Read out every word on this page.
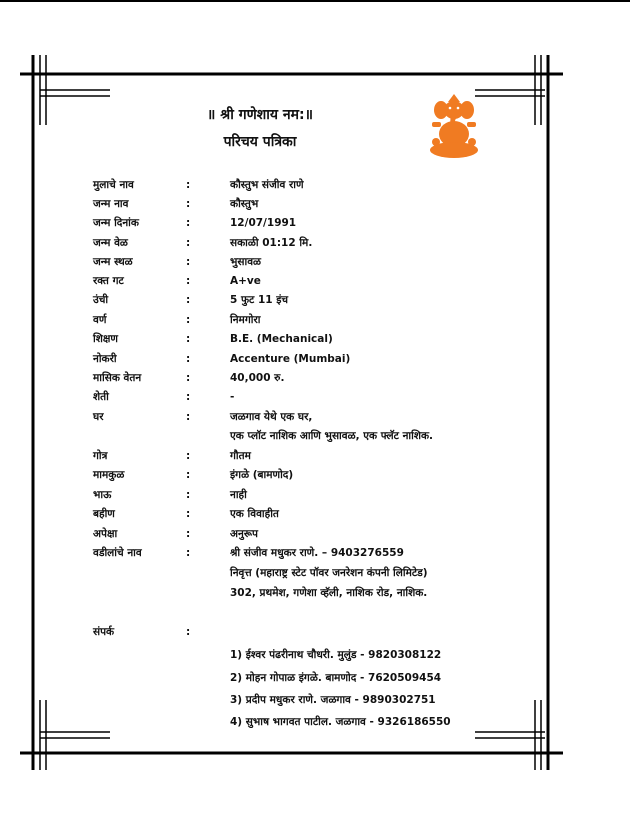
॥ श्री गणेशाय नम:॥
परिचय पत्रिका
मुलाचे नाव	:	कौस्तुभ संजीव राणे
जन्म नाव	:	कौस्तुभ
जन्म दिनांक	:	12/07/1991
जन्म वेळ	:	सकाळी 01:12 मि.
जन्म स्थळ	:	भुसावळ
रक्त गट	:	A+ve
उंची	:	5 फुट 11 इंच
वर्ण	:	निमगोरा
शिक्षण	:	B.E. (Mechanical)
नोकरी	:	Accenture (Mumbai)
मासिक वेतन	:	40,000 रु.
शेती	:	-
घर	:	जळगाव येथे एक घर,
एक प्लॉट नाशिक आणि भुसावळ, एक फ्लॅट नाशिक.
गोत्र	:	गौतम
मामकुळ	:	इंगळे (बामणोद)
भाऊ	:	नाही
बहीण	:	एक विवाहीत
अपेक्षा	:	अनुरूप
वडीलांचे नाव	:	श्री संजीव मधुकर राणे. – 9403276559
निवृत्त (महाराष्ट्र स्टेट पॉवर जनरेशन कंपनी लिमिटेड)
302, प्रथमेश, गणेशा व्हॅली, नाशिक रोड, नाशिक.
संपर्क	:
1) ईश्वर पंढरीनाथ चौधरी. मुलुंड - 9820308122
2) मोहन गोपाळ इंगळे. बामणोद - 7620509454
3) प्रदीप मधुकर राणे. जळगाव - 9890302751
4) सुभाष भागवत पाटील. जळगाव - 9326186550
